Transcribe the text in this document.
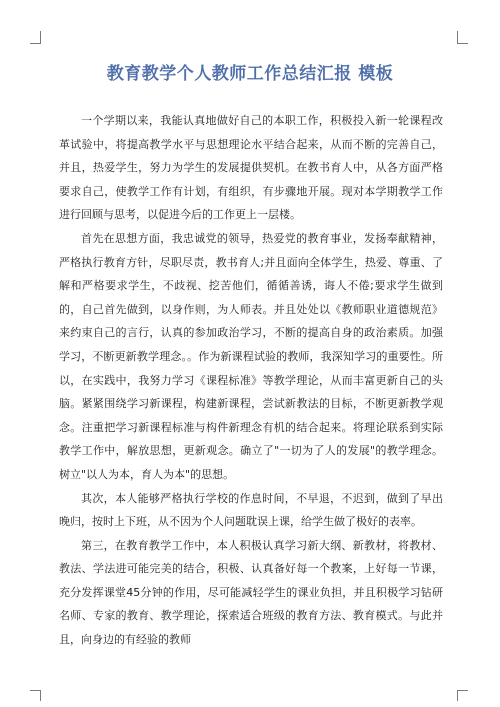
教育教学个人教师工作总结汇报 模板

一个学期以来，我能认真地做好自己的本职工作，积极投入新一轮课程改革试验中，将提高教学水平与思想理论水平结合起来，从而不断的完善自己，并且，热爱学生，努力为学生的发展提供契机。在教书育人中，从各方面严格要求自己，使教学工作有计划，有组织，有步骤地开展。现对本学期教学工作进行回顾与思考，以促进今后的工作更上一层楼。

首先在思想方面，我忠诚党的领导，热爱党的教育事业，发扬奉献精神，严格执行教育方针，尽职尽责，教书育人;并且面向全体学生，热爱、尊重、了解和严格要求学生，不歧视、挖苦他们，循循善诱，诲人不倦;要求学生做到的，自己首先做到，以身作则，为人师表。并且处处以《教师职业道德规范》来约束自己的言行，认真的参加政治学习，不断的提高自身的政治素质。加强学习，不断更新教学理念。。作为新课程试验的教师，我深知学习的重要性。所以，在实践中，我努力学习《课程标准》等教学理论，从而丰富更新自己的头脑。紧紧围绕学习新课程，构建新课程，尝试新教法的目标，不断更新教学观念。注重把学习新课程标准与构件新理念有机的结合起来。将理论联系到实际教学工作中，解放思想，更新观念。确立了"一切为了人的发展"的教学理念。树立"以人为本，育人为本"的思想。

其次，本人能够严格执行学校的作息时间，不早退，不迟到，做到了早出晚归，按时上下班，从不因为个人问题耽误上课，给学生做了极好的表率。

第三，在教育教学工作中，本人积极认真学习新大纲、新教材，将教材、教法、学法进可能完美的结合，积极、认真备好每一个教案，上好每一节课，充分发挥课堂45分钟的作用，尽可能减轻学生的课业负担，并且积极学习钻研名师、专家的教育、教学理论，探索适合班级的教育方法、教育模式。与此并且，向身边的有经验的教师
